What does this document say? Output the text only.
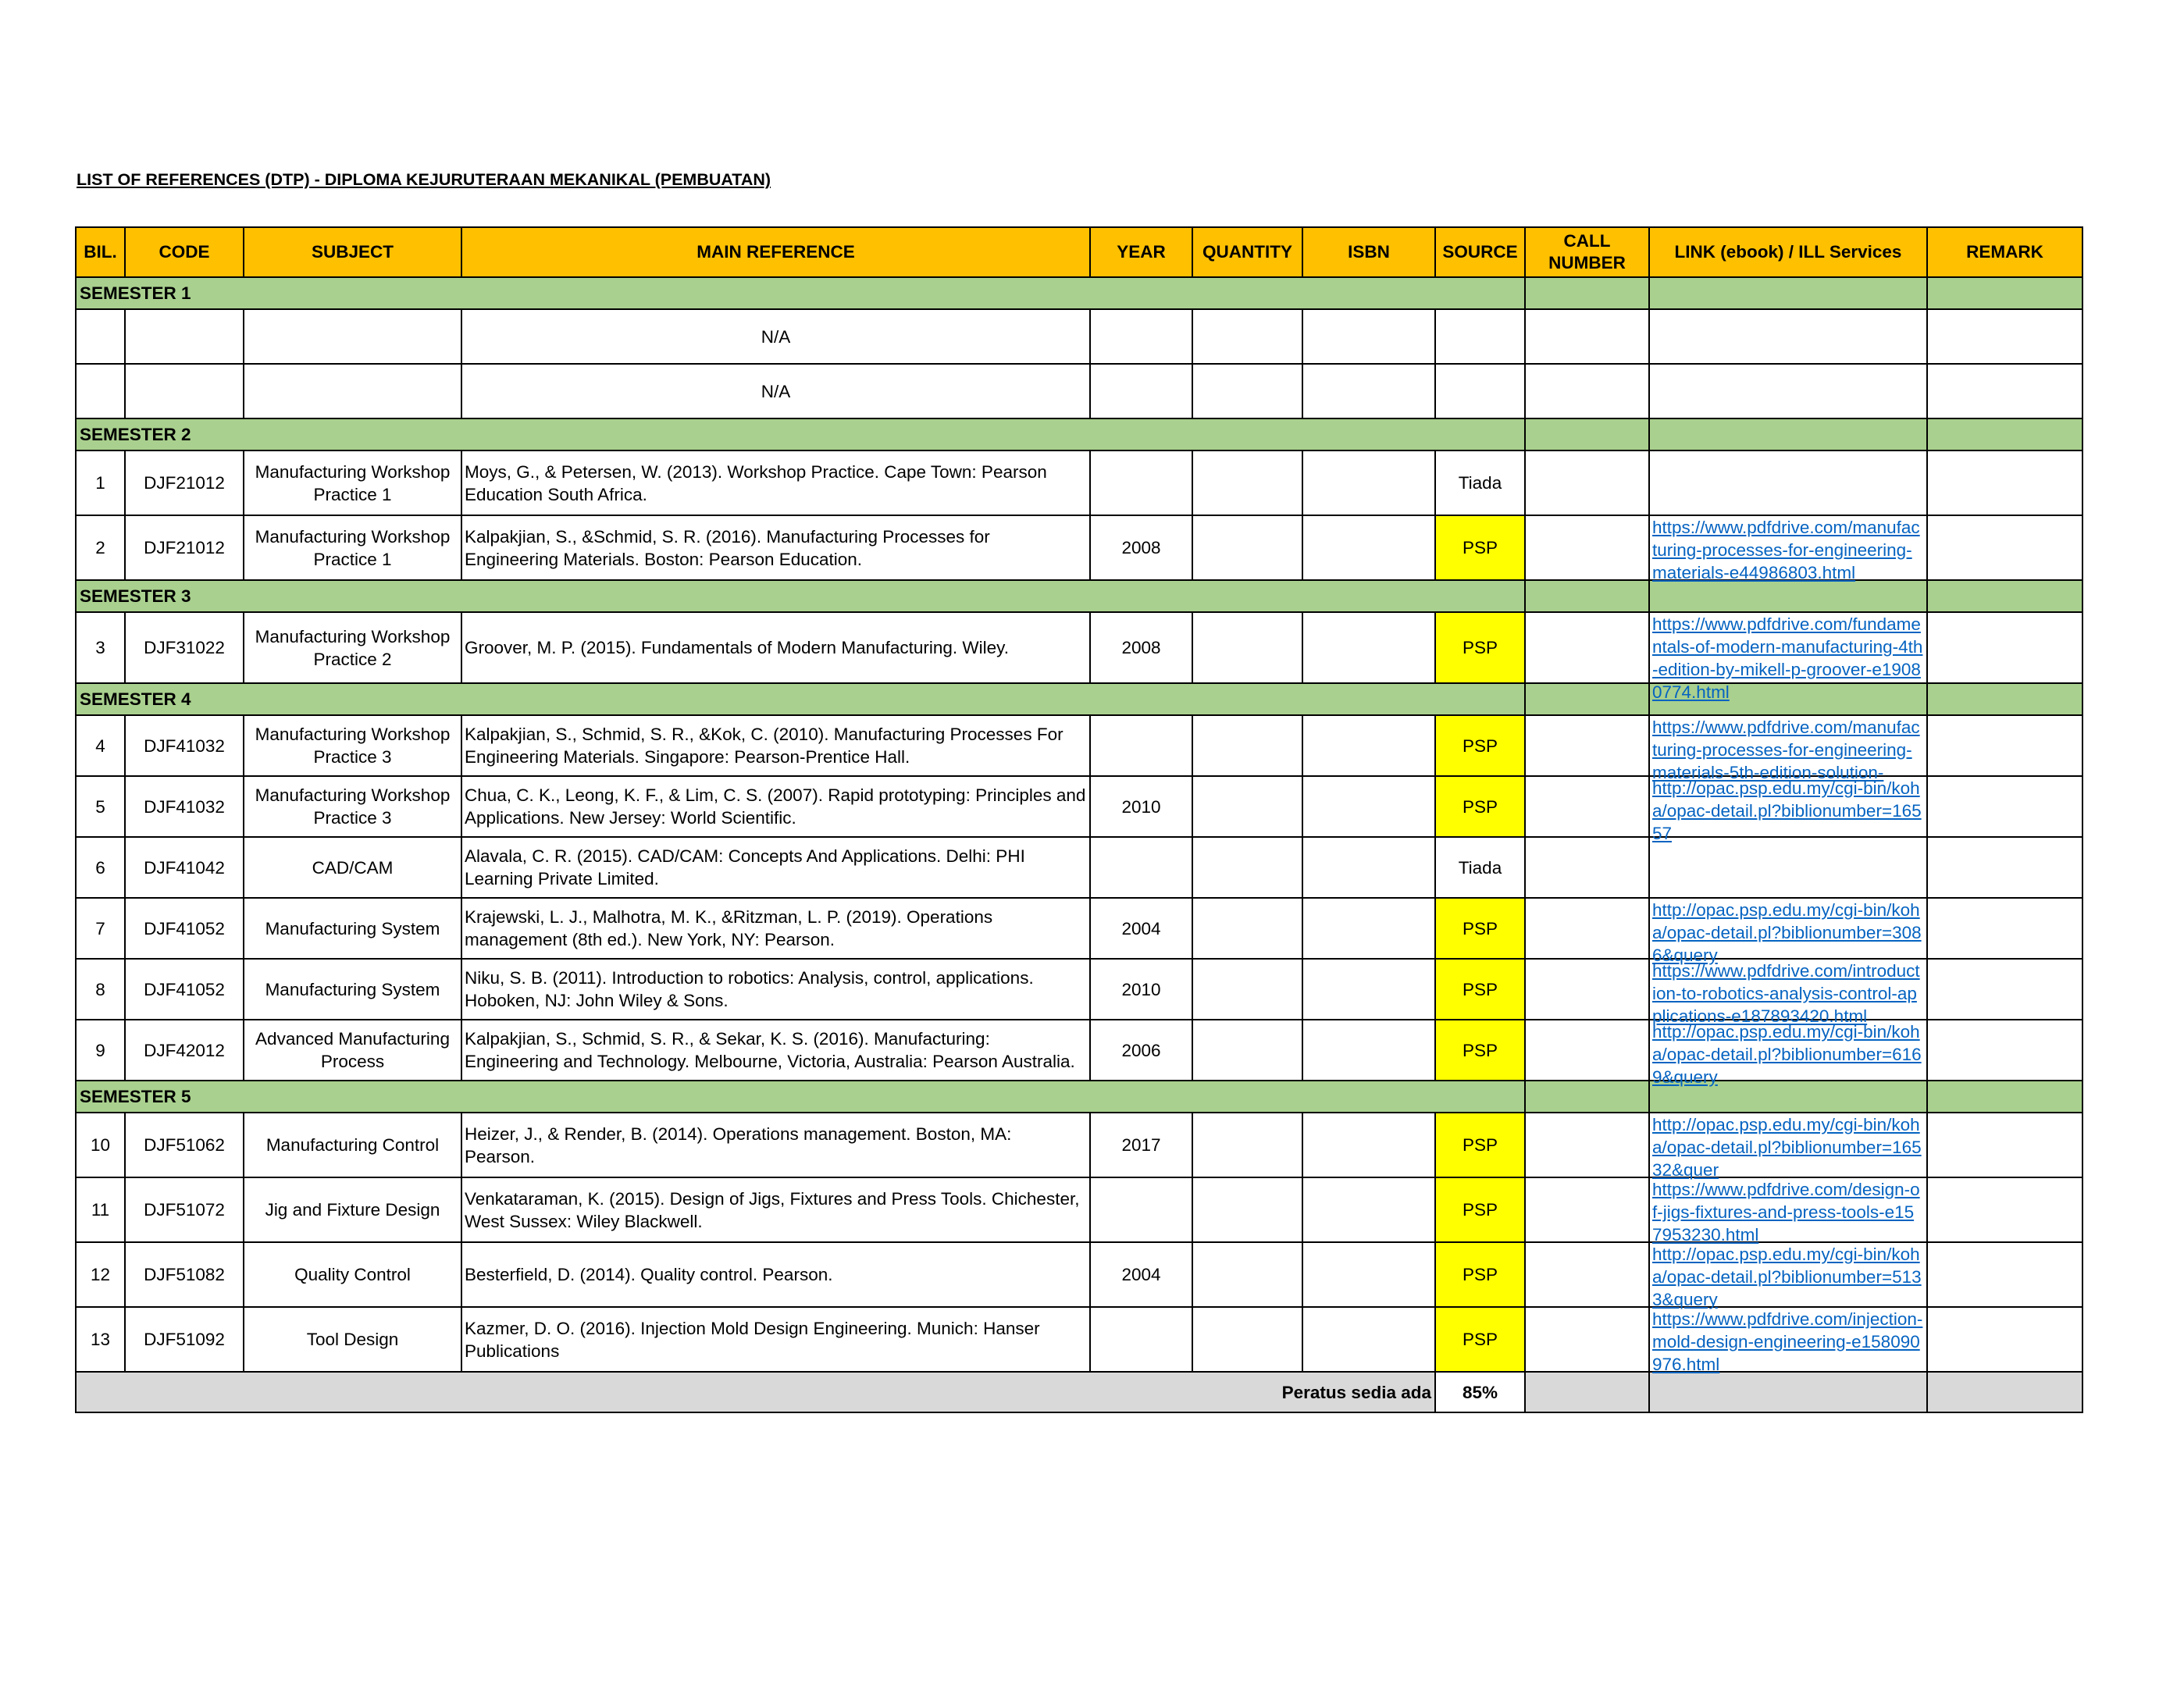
LIST OF REFERENCES (DTP) - DIPLOMA KEJURUTERAAN MEKANIKAL (PEMBUATAN)
BIL.	CODE	SUBJECT	MAIN REFERENCE	YEAR	QUANTITY	ISBN	SOURCE	CALL NUMBER	LINK (ebook) / ILL Services	REMARK
SEMESTER 1										
			N/A							
			N/A							
SEMESTER 2										
1	DJF21012	Manufacturing Workshop Practice 1	Moys, G., & Petersen, W. (2013). Workshop Practice. Cape Town: Pearson Education South Africa.				Tiada			
2	DJF21012	Manufacturing Workshop Practice 1	Kalpakjian, S., &Schmid, S. R. (2016). Manufacturing Processes for Engineering Materials. Boston: Pearson Education.	2008			PSP		https://www.pdfdrive.com/manufacturing-processes-for-engineering-materials-e44986803.html	

SEMESTER 3										
3	DJF31022	Manufacturing Workshop Practice 2	Groover, M. P. (2015). Fundamentals of Modern Manufacturing. Wiley.	2008			PSP		https://www.pdfdrive.com/fundamentals-of-modern-manufacturing-4th-edition-by-mikell-p-groover-e19080774.html	

SEMESTER 4										
4	DJF41032	Manufacturing Workshop Practice 3	Kalpakjian, S., Schmid, S. R., &Kok, C. (2010). Manufacturing Processes For Engineering Materials. Singapore: Pearson-Prentice Hall.				PSP		https://www.pdfdrive.com/manufacturing-processes-for-engineering-materials-5th-edition-solution-	

5	DJF41032	Manufacturing Workshop Practice 3	Chua, C. K., Leong, K. F., & Lim, C. S. (2007). Rapid prototyping: Principles and Applications. New Jersey: World Scientific.	2010			PSP		http://opac.psp.edu.my/cgi-bin/koha/opac-detail.pl?biblionumber=16557	

6	DJF41042	CAD/CAM	Alavala, C. R. (2015). CAD/CAM: Concepts And Applications. Delhi: PHI Learning Private Limited.				Tiada			
7	DJF41052	Manufacturing System	Krajewski, L. J., Malhotra, M. K., &Ritzman, L. P. (2019). Operations management (8th ed.). New York, NY: Pearson.	2004			PSP		http://opac.psp.edu.my/cgi-bin/koha/opac-detail.pl?biblionumber=3086&query	

8	DJF41052	Manufacturing System	Niku, S. B. (2011). Introduction to robotics: Analysis, control, applications. Hoboken, NJ: John Wiley & Sons.	2010			PSP		https://www.pdfdrive.com/introduction-to-robotics-analysis-control-applications-e187893420.html	

9	DJF42012	Advanced Manufacturing Process	Kalpakjian, S., Schmid, S. R., & Sekar, K. S. (2016). Manufacturing: Engineering and Technology. Melbourne, Victoria, Australia: Pearson Australia.	2006			PSP		http://opac.psp.edu.my/cgi-bin/koha/opac-detail.pl?biblionumber=6169&query	

SEMESTER 5										
10	DJF51062	Manufacturing Control	Heizer, J., & Render, B. (2014). Operations management. Boston, MA: Pearson.	2017			PSP		http://opac.psp.edu.my/cgi-bin/koha/opac-detail.pl?biblionumber=16532&quer	

11	DJF51072	Jig and Fixture Design	Venkataraman, K. (2015). Design of Jigs, Fixtures and Press Tools. Chichester, West Sussex: Wiley Blackwell.				PSP		https://www.pdfdrive.com/design-of-jigs-fixtures-and-press-tools-e157953230.html	

12	DJF51082	Quality Control	Besterfield, D. (2014). Quality control. Pearson.	2004			PSP		http://opac.psp.edu.my/cgi-bin/koha/opac-detail.pl?biblionumber=5133&query	

13	DJF51092	Tool Design	Kazmer, D. O. (2016). Injection Mold Design Engineering. Munich: Hanser Publications				PSP		https://www.pdfdrive.com/injection-mold-design-engineering-e158090976.html	

Peratus sedia ada							85%			
